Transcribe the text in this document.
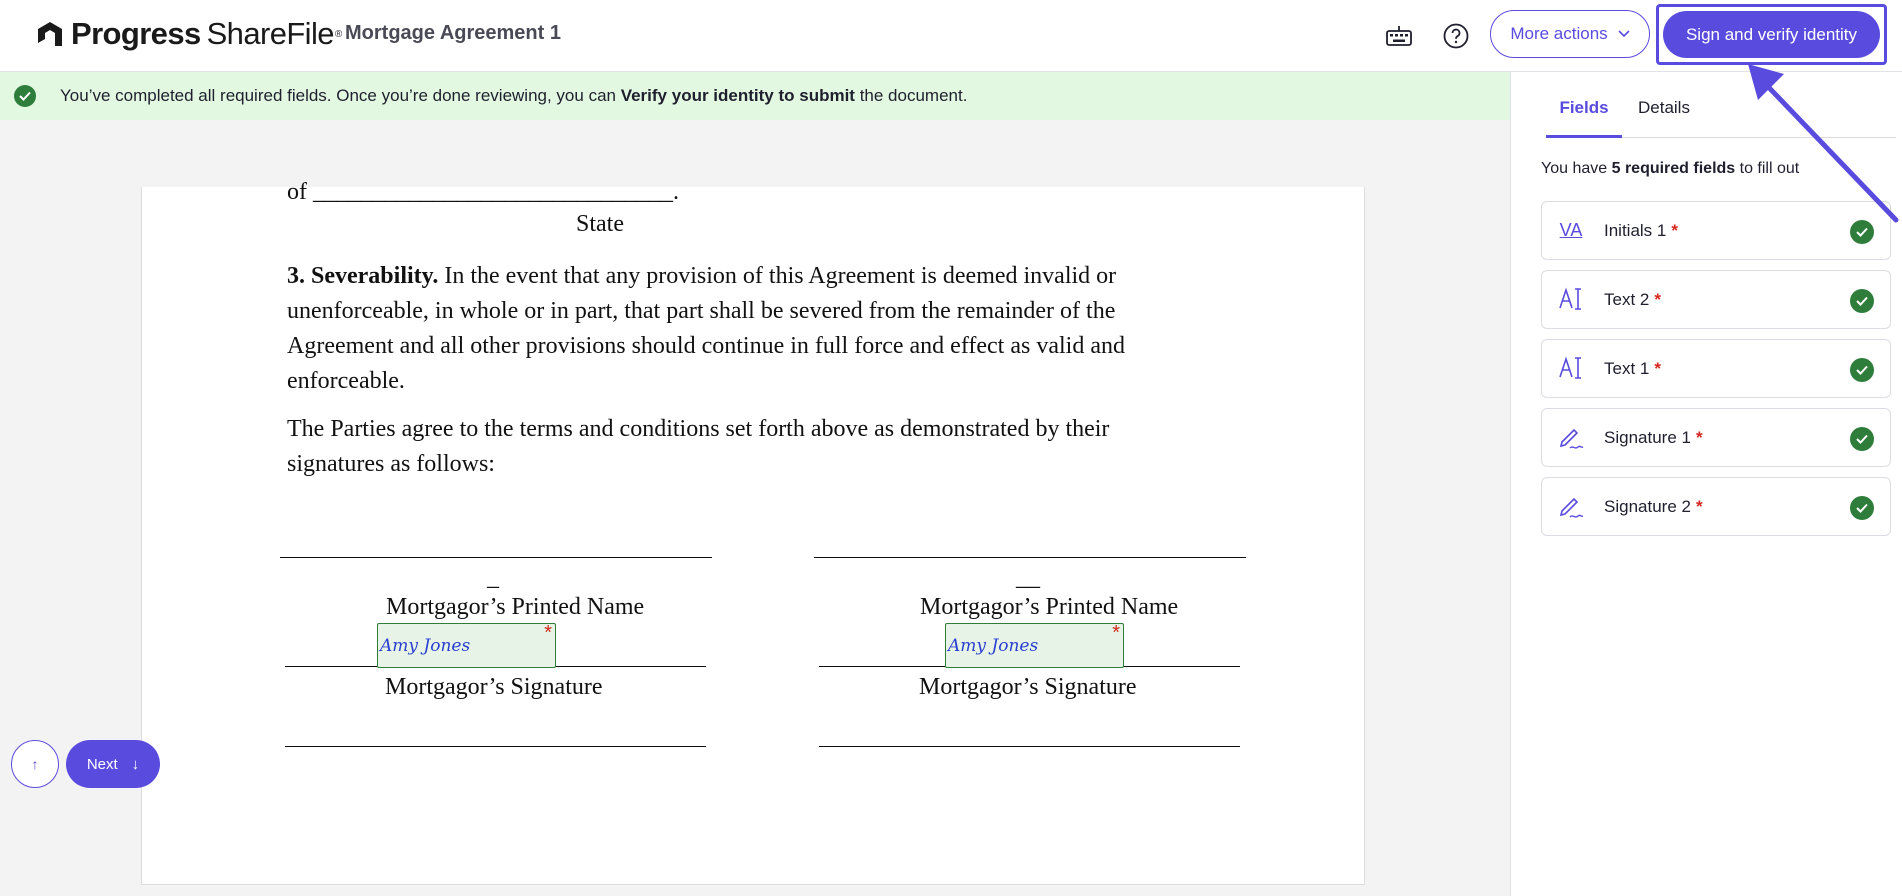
Progress ShareFile ® Mortgage Agreement 1	More actions	Sign and verify identity
You’ve completed all required fields. Once you’re done reviewing, you can Verify your identity to submit the document.
of ______________________________.
State
3. Severability. In the event that any provision of this Agreement is deemed invalid or unenforceable, in whole or in part, that part shall be severed from the remainder of the Agreement and all other provisions should continue in full force and effect as valid and enforceable.
The Parties agree to the terms and conditions set forth above as demonstrated by their signatures as follows:
_
Mortgagor’s Printed Name
__
Mortgagor’s Printed Name
Amy Jones
*
Mortgagor’s Signature
Amy Jones
*
Mortgagor’s Signature
↑	Next ↓
Fields	Details
You have 5 required fields to fill out
VA Initials 1 *
Text 2 *
Text 1 *
Signature 1 *
Signature 2 *
